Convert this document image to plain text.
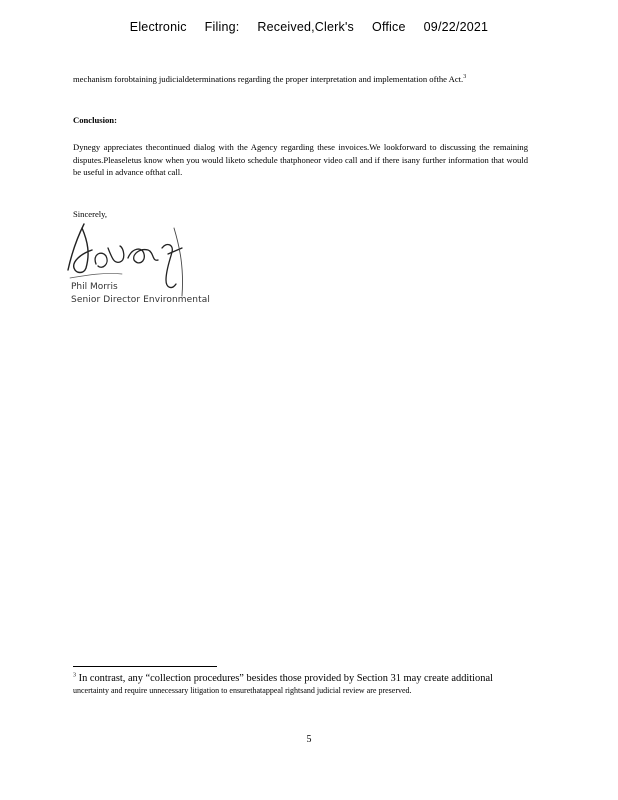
Electronic Filing: Received,Clerk's Office 09/22/2021
mechanism forobtaining judicialdeterminations regarding the proper interpretation and implementation ofthe Act.$^3$
Conclusion:
Dynegy appreciates thecontinued dialog with the Agency regarding these invoices.We lookforward to discussing the remaining disputes.Pleaseletus know when you would liketo schedule thatphoneor video call and if there isany further information that would be useful in advance ofthat call.
Sincerely,
Phil Morris
Senior Director Environmental
$^3$ In contrast, any “collection procedures” besides those provided by Section 31 may create additional
uncertainty and require unnecessary litigation to ensurethatappeal rightsand judicial review are preserved.
5
